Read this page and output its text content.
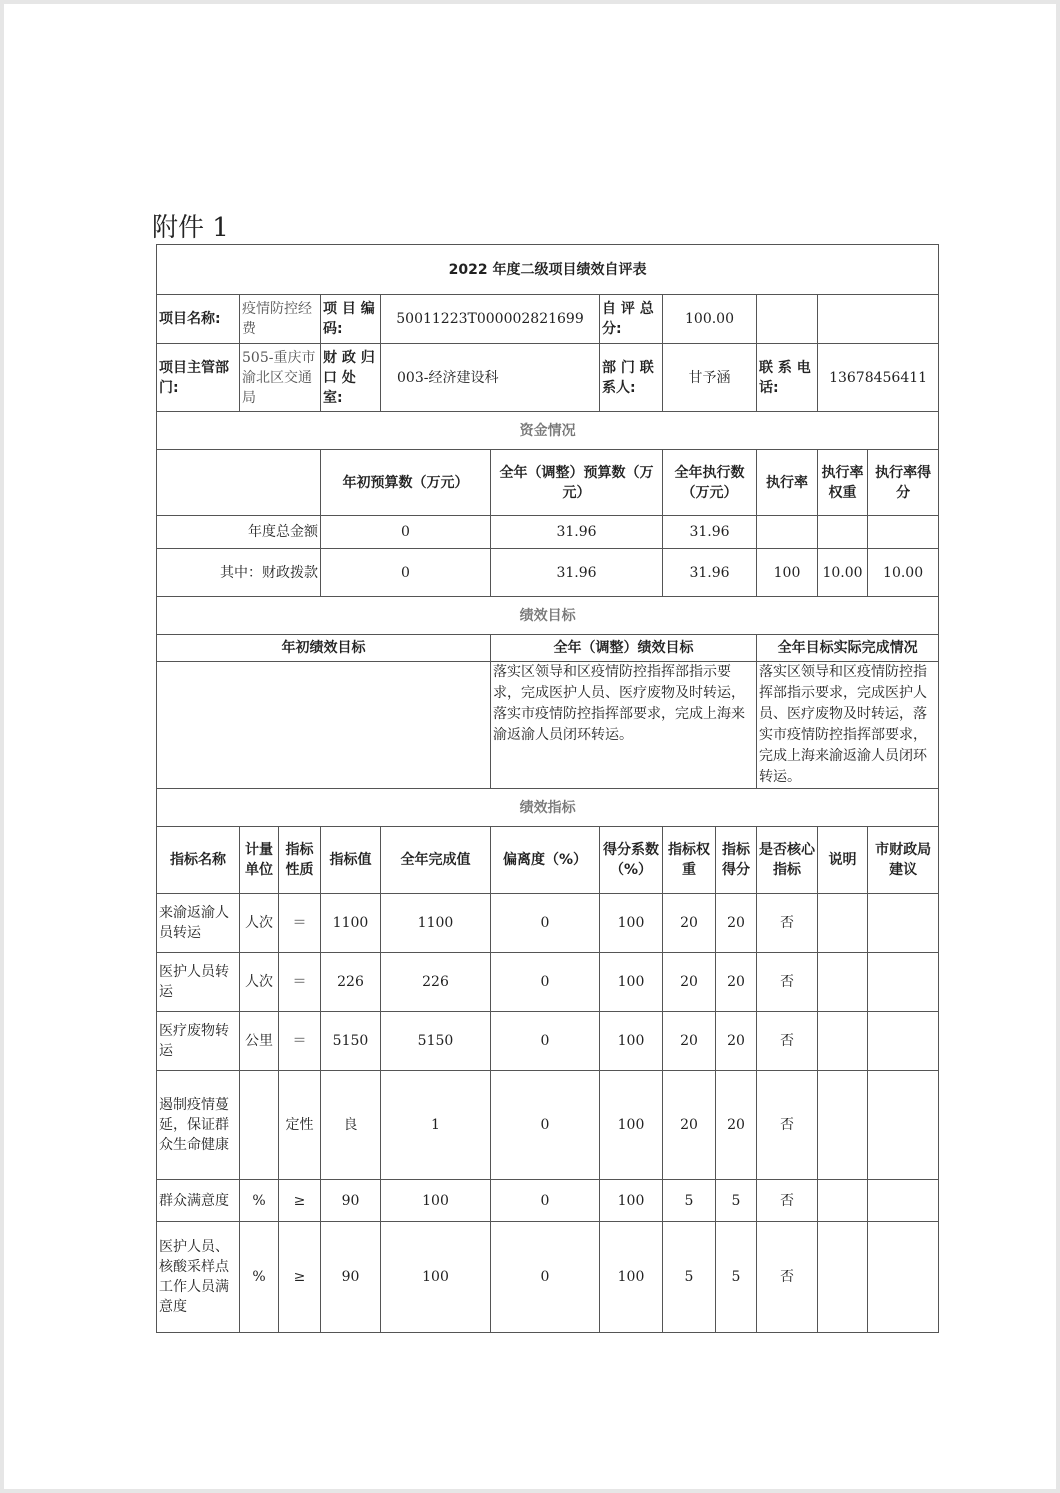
附件 1
2022 年度二级项目绩效自评表											
项目名称:	疫情防控经费		项 目 编 码:	50011223T000002821699		自 评 总 分:	100.00				
项目主管部门:	505-重庆市渝北区交通局		财 政 归 口 处 室:	003-经济建设科		部 门 联 系人:	甘予涵		联 系 电 话:	13678456411	
资金情况											
			年初预算数（万元）		全年（调整）预算数（万元）		全年执行数（万元）		执行率	执行率权重	执行率得分
年度总金额			0		31.96		31.96				
其中：财政拨款			0		31.96		31.96		100	10.00	10.00
绩效目标											
年初绩效目标					全年（调整）绩效目标				全年目标实际完成情况		
					落实区领导和区疫情防控指挥部指示要求，完成医护人员、医疗废物及时转运，落实市疫情防控指挥部要求，完成上海来渝返渝人员闭环转运。				落实区领导和区疫情防控指挥部指示要求，完成医护人员、医疗废物及时转运，落实市疫情防控指挥部要求，完成上海来渝返渝人员闭环转运。		
绩效指标											
指标名称	计量单位	指标性质	指标值	全年完成值	偏离度（%）	得分系数（%）	指标权重	指标得分	是否核心指标	说明	市财政局建议
来渝返渝人员转运	人次	＝	1100	1100	0	100	20	20	否		
医护人员转运	人次	＝	226	226	0	100	20	20	否		
医疗废物转运	公里	＝	5150	5150	0	100	20	20	否		
遏制疫情蔓延，保证群众生命健康		定性	良	1	0	100	20	20	否		
群众满意度	%	≥	90	100	0	100	5	5	否		
医护人员、核酸采样点工作人员满意度	%	≥	90	100	0	100	5	5	否		
